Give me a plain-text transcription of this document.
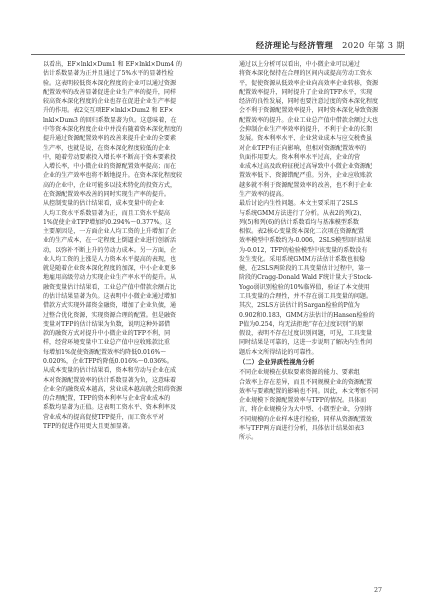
经济理论与经济管理 2020 年第 3 期

以看出，EF×lnkl×Dum1 和 EF×lnkl×Dum4 的
估计系数显著为正并且通过了5%水平的显著性检
验。这表明较低资本深化程度的企业可以通过资源
配置效率的改善显著促进企业生产率的提升，同样
较高资本深化程度的企业也存在促进企业生产率提
升的作用。表2交互项EF×lnkl×Dum2 和 EF×
lnkl×Dum3 的回归系数显著为负。这意味着，在
中等资本深化程度企业中并没有随着资本深化程度的
提升通过资源配置效率的改善来提升企业的全要素
生产率，也就是说，在资本深化程度较低的企业
中，随着劳动要素投入增长率不断高于资本要素投
入增长率，中小微企业的资源配置效率提高；而在
企业的生产效率也将不断地提升。在资本深化程度较
高的企业中，企业可能多以技术特化的投资方式，
在资源配置效率改善的同时实现生产率的提升。

从控制变量的估计结果看，成本变量中的企业
人均工资水平系数显著为正，而且工资水平提高
1%促使企业TFP增加约0.294%～0.377%。这
主要原因是，一方面企业人均工资的上升增加了企
业的生产成本，在一定程度上倒逼企业进行创新活
动，以弥补不断上升的劳动力成本。另一方面，企
业人均工资的上涨是人力资本水平提高的表现，也
就是随着企业资本深化程度的加深，中小企业更多
地雇用高级劳动力实现企业生产率水平的提升。从
融资变量估计结果看，工业总产值中借款余额占比
的估计结果显著为负。这表明中小微企业通过增加
借款方式实现外部资金融资，增加了企业负债，通
过整合优化资源，实现资源合理的配置。但是融资
变量对TFP的估计结果为负数，说明这种外部借
款的融资方式对提升中小微企业的TFP不利，同
样，经营环境变量中工业总产值中应收账款比重
每增加1%促使资源配置效率约降低0.016%～
0.020%，企业TFP约降低0.016%～0.036%。
从成本变量的估计结果看，资本和劳动与企业在成
本对资源配置效率的估计系数显著为负，这意味着
企业全的融资成本越高，营业成本越高就会阻碍资源
的合理配置，TFP的资本利率与企业营业成本的
系数均显著为正值。这表明工资水平、资本利率及
营业成本的提高促使TFP提升，而工资水平对
TFP的促进作用更大且更加显著。

通过以上分析可以看出，中小微企业可以通过
将资本深化保持在合理的区间内或提高劳动工资水
平，促使资源从低效率企业向高效率企业转移，资源
配置效率提升，同时提升了企业的TFP水平，实现
经济的良性发展，同时也要注意过度的资本深化程度
会不利于资源配置效率提升，同时资本深化导致资源
配置效率的提升。企业工业总产值中借款余额过大也
会抑制企业生产率效率的提升，不利于企业的长期
发展。资本利率水平、企业营业成本与应交税费虽
对企业TFP有正向影响，但相对资源配置效率的
负面作用要大。资本利率水平过高，企业的营
业成本过高及政府征税过高导致中小微企业资源配
置效率低下、资源错配严重。另外，企业应收账款
越多就不利于资源配置效率的改善，也不利于企业
生产效率的提高。

最后讨论内生性问题。本文主要采用了2SLS
与系统GMM方法进行了分析。从表2的列(2)、
列(5)和列(6)的估计系数看均与基准模型系数
相似。表2核心变量资本深化二次项在资源配置
效率模型中系数约为-0.006，2SLS模型回归结果
为-0.012，TFP的检验模型中该变量的系数没有
发生变化。采用系统GMM方法估计系数也很稳
健，在2SLS两阶段的工具变量估计过程中，第一
阶段的Cragg-Donald Wald F统计量大于Stock-
Yogo弱识别检验的10%临界值，验证了本文使用
工具变量的合理性，并不存在弱工具变量的问题。
其次，2SLS方法估计的Sargan检验的P值为
0.902和0.183，GMM方法估计的Hansen检验的
P值为0.254，均无法拒绝“存在过度识别”的原
假设，表明不存在过度识别问题，可见，工具变量
同时结果是可靠的，这进一步说明了解决内生性问
题后本文所得结论的可靠性。

（二）企业异质性视角分析

不同企业规模在获取要素资源的能力、要素组
合效率上存在差异，而且不同规模企业的资源配置
效率与要素配置的影响也不同。因此，本文考察不同
企业规模下资源配置效率与TFP的情况。具体而
言，将企业规模分为大中型、小微型企业，分别将
不同规模的企业样本进行检验，同样从资源配置效
率与TFP两方面进行分析，具体估计结果如表3
所示。

27
